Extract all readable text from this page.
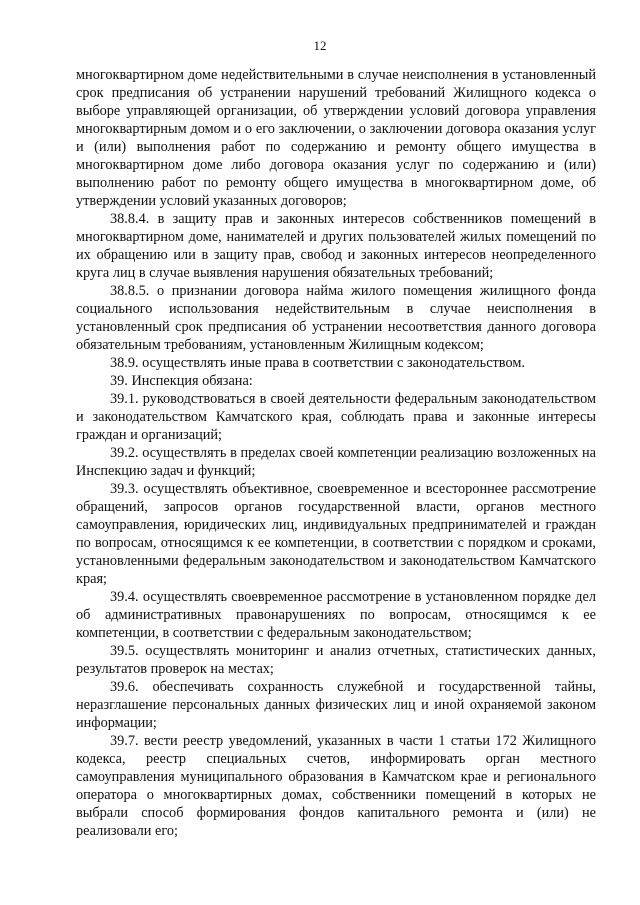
12

многоквартирном доме недействительными в случае неисполнения в установленный срок предписания об устранении нарушений требований Жилищного кодекса о выборе управляющей организации, об утверждении условий договора управления многоквартирным домом и о его заключении, о заключении договора оказания услуг и (или) выполнения работ по содержанию и ремонту общего имущества в многоквартирном доме либо договора оказания услуг по содержанию и (или) выполнению работ по ремонту общего имущества в многоквартирном доме, об утверждении условий указанных договоров;

38.8.4. в защиту прав и законных интересов собственников помещений в многоквартирном доме, нанимателей и других пользователей жилых помещений по их обращению или в защиту прав, свобод и законных интересов неопределенного круга лиц в случае выявления нарушения обязательных требований;

38.8.5. о признании договора найма жилого помещения жилищного фонда социального использования недействительным в случае неисполнения в установленный срок предписания об устранении несоответствия данного договора обязательным требованиям, установленным Жилищным кодексом;

38.9. осуществлять иные права в соответствии с законодательством.

39. Инспекция обязана:

39.1. руководствоваться в своей деятельности федеральным законодательством и законодательством Камчатского края, соблюдать права и законные интересы граждан и организаций;

39.2. осуществлять в пределах своей компетенции реализацию возложенных на Инспекцию задач и функций;

39.3. осуществлять объективное, своевременное и всестороннее рассмотрение обращений, запросов органов государственной власти, органов местного самоуправления, юридических лиц, индивидуальных предпринимателей и граждан по вопросам, относящимся к ее компетенции, в соответствии с порядком и сроками, установленными федеральным законодательством и законодательством Камчатского края;

39.4. осуществлять своевременное рассмотрение в установленном порядке дел об административных правонарушениях по вопросам, относящимся к ее компетенции, в соответствии с федеральным законодательством;

39.5. осуществлять мониторинг и анализ отчетных, статистических данных, результатов проверок на местах;

39.6. обеспечивать сохранность служебной и государственной тайны, неразглашение персональных данных физических лиц и иной охраняемой законом информации;

39.7. вести реестр уведомлений, указанных в части 1 статьи 172 Жилищного кодекса, реестр специальных счетов, информировать орган местного самоуправления муниципального образования в Камчатском крае и регионального оператора о многоквартирных домах, собственники помещений в которых не выбрали способ формирования фондов капитального ремонта и (или) не реализовали его;
